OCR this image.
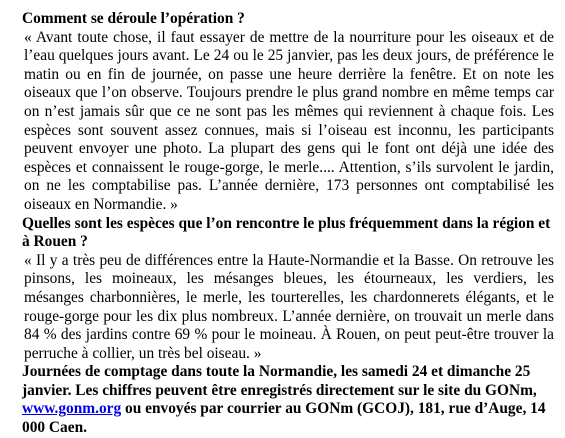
Comment se déroule l’opération ?

« Avant toute chose, il faut essayer de mettre de la nourriture pour les oiseaux et de l’eau quelques jours avant. Le 24 ou le 25 janvier, pas les deux jours, de préférence le matin ou en fin de journée, on passe une heure derrière la fenêtre. Et on note les oiseaux que l’on observe. Toujours prendre le plus grand nombre en même temps car on n’est jamais sûr que ce ne sont pas les mêmes qui reviennent à chaque fois. Les espèces sont souvent assez connues, mais si l’oiseau est inconnu, les participants peuvent envoyer une photo. La plupart des gens qui le font ont déjà une idée des espèces et connaissent le rouge-gorge, le merle.... Attention, s’ils survolent le jardin, on ne les comptabilise pas. L’année dernière, 173 personnes ont comptabilisé les oiseaux en Normandie. »

Quelles sont les espèces que l’on rencontre le plus fréquemment dans la région et à Rouen ?

« Il y a très peu de différences entre la Haute-Normandie et la Basse. On retrouve les pinsons, les moineaux, les mésanges bleues, les étourneaux, les verdiers, les mésanges charbonnières, le merle, les tourterelles, les chardonnerets élégants, et le rouge-gorge pour les dix plus nombreux. L’année dernière, on trouvait un merle dans 84 % des jardins contre 69 % pour le moineau. À Rouen, on peut peut-être trouver la perruche à collier, un très bel oiseau. »

Journées de comptage dans toute la Normandie, les samedi 24 et dimanche 25 janvier. Les chiffres peuvent être enregistrés directement sur le site du GONm, www.gonm.org ou envoyés par courrier au GONm (GCOJ), 181, rue d’Auge, 14 000 Caen.
